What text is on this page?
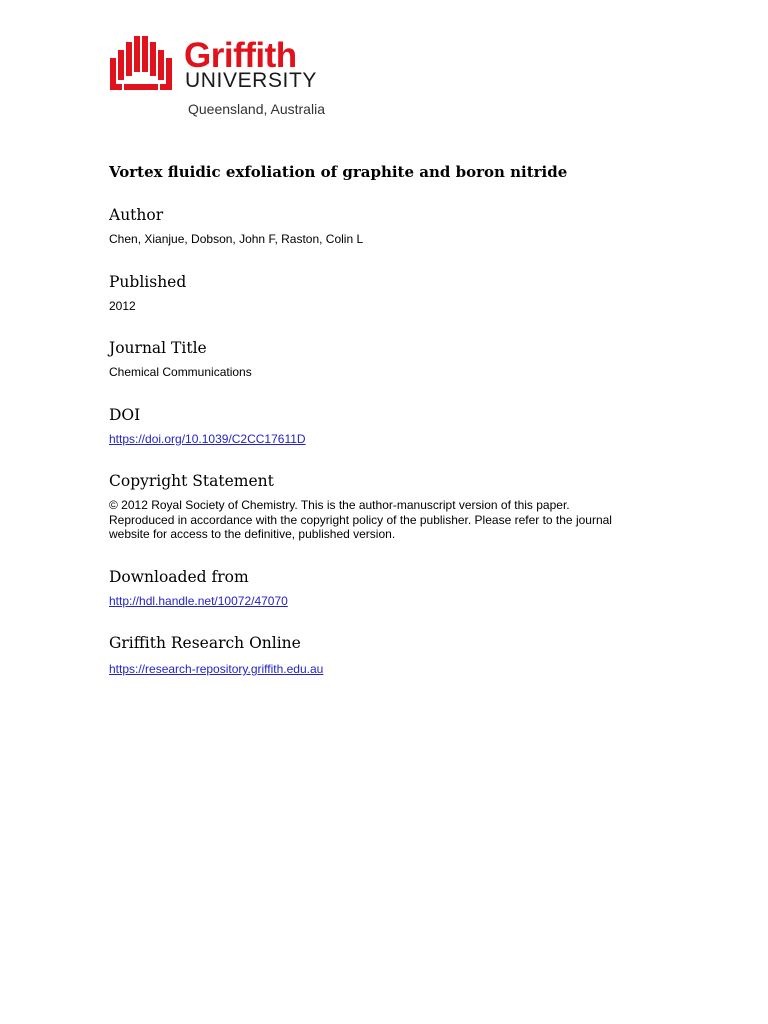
Griffith
UNIVERSITY
Queensland, Australia
Vortex fluidic exfoliation of graphite and boron nitride
Author

Chen, Xianjue, Dobson, John F, Raston, Colin L

Published

2012

Journal Title

Chemical Communications

DOI

https://doi.org/10.1039/C2CC17611D

Copyright Statement

© 2012 Royal Society of Chemistry. This is the author-manuscript version of this paper.

Reproduced in accordance with the copyright policy of the publisher. Please refer to the journal

website for access to the definitive, published version.

Downloaded from

http://hdl.handle.net/10072/47070

Griffith Research Online

https://research-repository.griffith.edu.au
